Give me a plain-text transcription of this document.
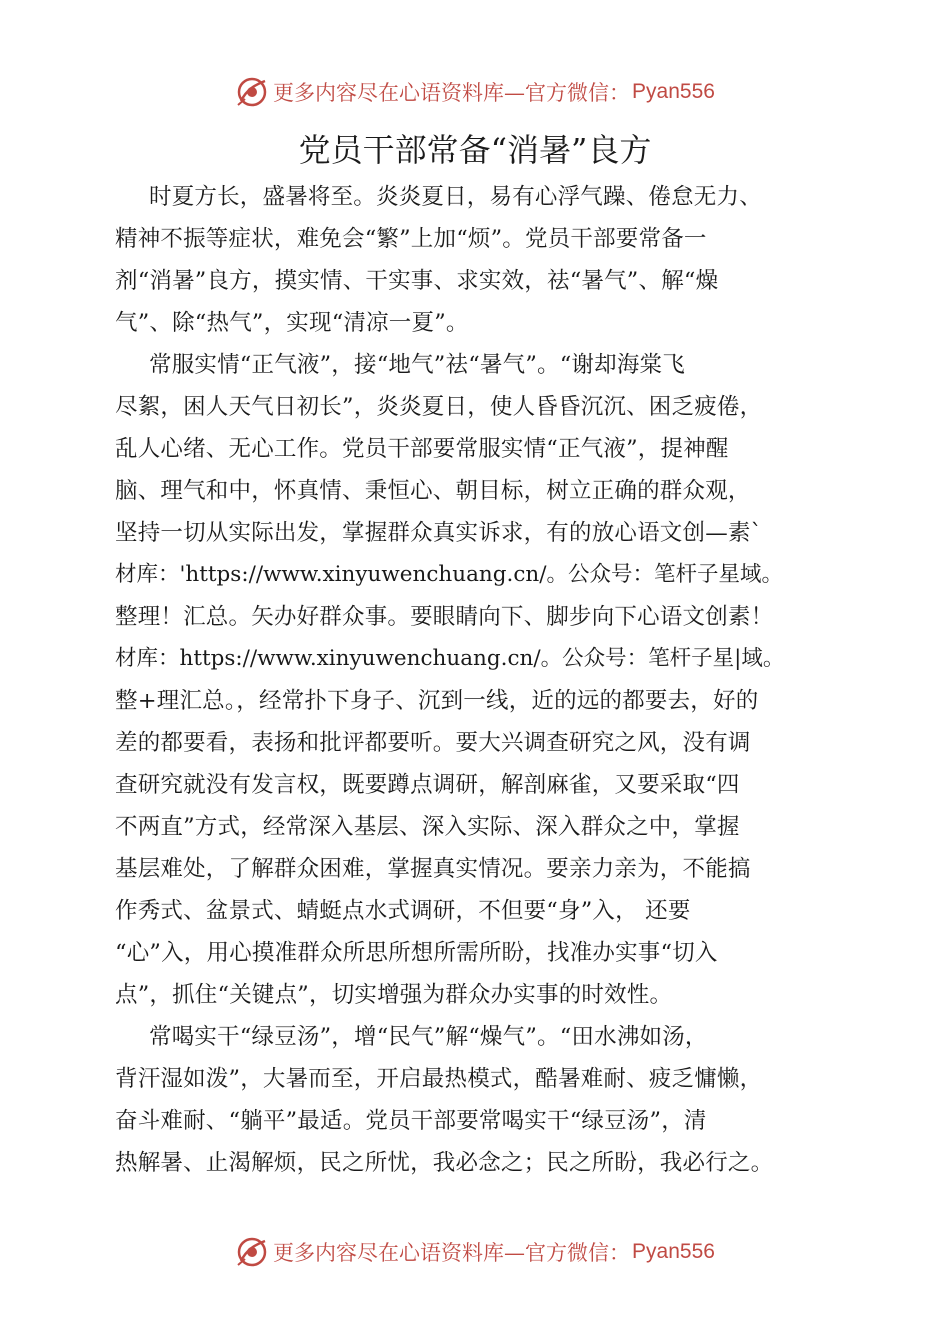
更多内容尽在心语资料库—官方微信： Pyan556
党员干部常备“消暑”良方
时夏方长，盛暑将至。炎炎夏日，易有心浮气躁、倦怠无力、
精神不振等症状，难免会“繁”上加“烦”。党员干部要常备一
剂“消暑”良方，摸实情、干实事、求实效，祛“暑气”、解“燥
气”、除“热气”，实现“清凉一夏”。
常服实情“正气液”，接“地气”祛“暑气”。“谢却海棠飞
尽絮，困人天气日初长”，炎炎夏日，使人昏昏沉沉、困乏疲倦，
乱人心绪、无心工作。党员干部要常服实情“正气液”，提神醒
脑、理气和中，怀真情、秉恒心、朝目标，树立正确的群众观，
坚持一切从实际出发，掌握群众真实诉求，有的放心语文创—素`
材库：'https://www.xinyuwenchuang.cn/。公众号：笔杆子星域。
整理！汇总。矢办好群众事。要眼睛向下、脚步向下心语文创素！
材库：https://www.xinyuwenchuang.cn/。公众号：笔杆子星|域。
整+理汇总。，经常扑下身子、沉到一线，近的远的都要去，好的
差的都要看，表扬和批评都要听。要大兴调查研究之风，没有调
查研究就没有发言权，既要蹲点调研，解剖麻雀，又要采取“四
不两直”方式，经常深入基层、深入实际、深入群众之中，掌握
基层难处，了解群众困难，掌握真实情况。要亲力亲为，不能搞
作秀式、盆景式、蜻蜓点水式调研，不但要“身”入， 还要
“心”入，用心摸准群众所思所想所需所盼，找准办实事“切入
点”，抓住“关键点”，切实增强为群众办实事的时效性。
常喝实干“绿豆汤”，增“民气”解“燥气”。“田水沸如汤，
背汗湿如泼”，大暑而至，开启最热模式，酷暑难耐、疲乏慵懒，
奋斗难耐、“躺平”最适。党员干部要常喝实干“绿豆汤”，清
热解暑、止渴解烦，民之所忧，我必念之；民之所盼，我必行之。
更多内容尽在心语资料库—官方微信： Pyan556
